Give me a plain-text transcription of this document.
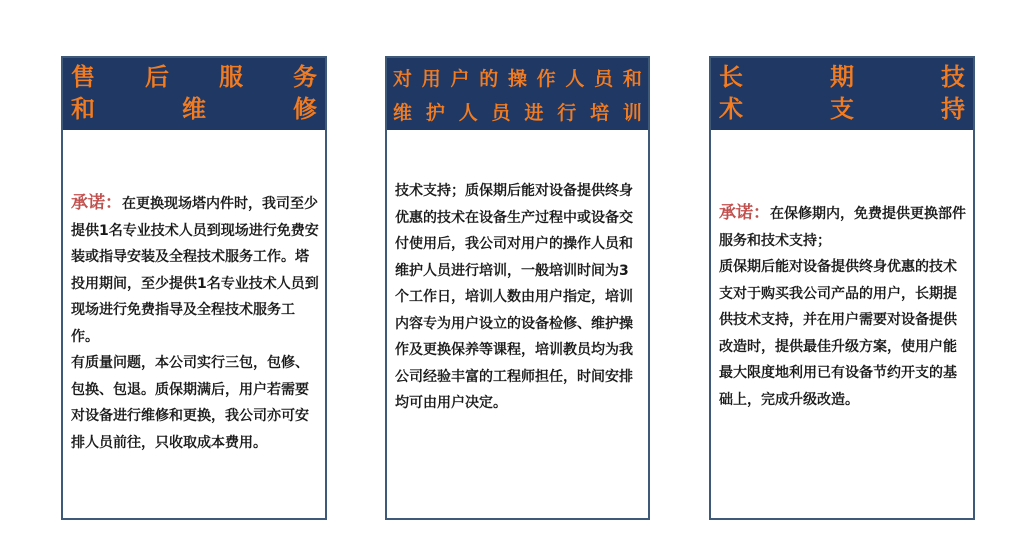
售 后 服 务
和	维	修

承诺：在更换现场塔内件时，我司至少提供1名专业技术人员到现场进行免费安装或指导安装及全程技术服务工作。塔投用期间，至少提供1名专业技术人员到现场进行免费指导及全程技术服务工作。

有质量问题，本公司实行三包，包修、包换、包退。质保期满后，用户若需要对设备进行维修和更换，我公司亦可安排人员前往，只收取成本费用。

对 用 户 的 操 作 人 员 和
维 护 人 员 进 行 培 训

技术支持；质保期后能对设备提供终身优惠的技术在设备生产过程中或设备交付使用后，我公司对用户的操作人员和维护人员进行培训，一般培训时间为3个工作日，培训人数由用户指定，培训内容专为用户设立的设备检修、维护操作及更换保养等课程，培训教员均为我公司经验丰富的工程师担任，时间安排均可由用户决定。

长	期	技
术	支	持

承诺：在保修期内，免费提供更换部件服务和技术支持；

质保期后能对设备提供终身优惠的技术支对于购买我公司产品的用户，长期提供技术支持，并在用户需要对设备提供改造时，提供最佳升级方案，使用户能最大限度地利用已有设备节约开支的基础上，完成升级改造。
